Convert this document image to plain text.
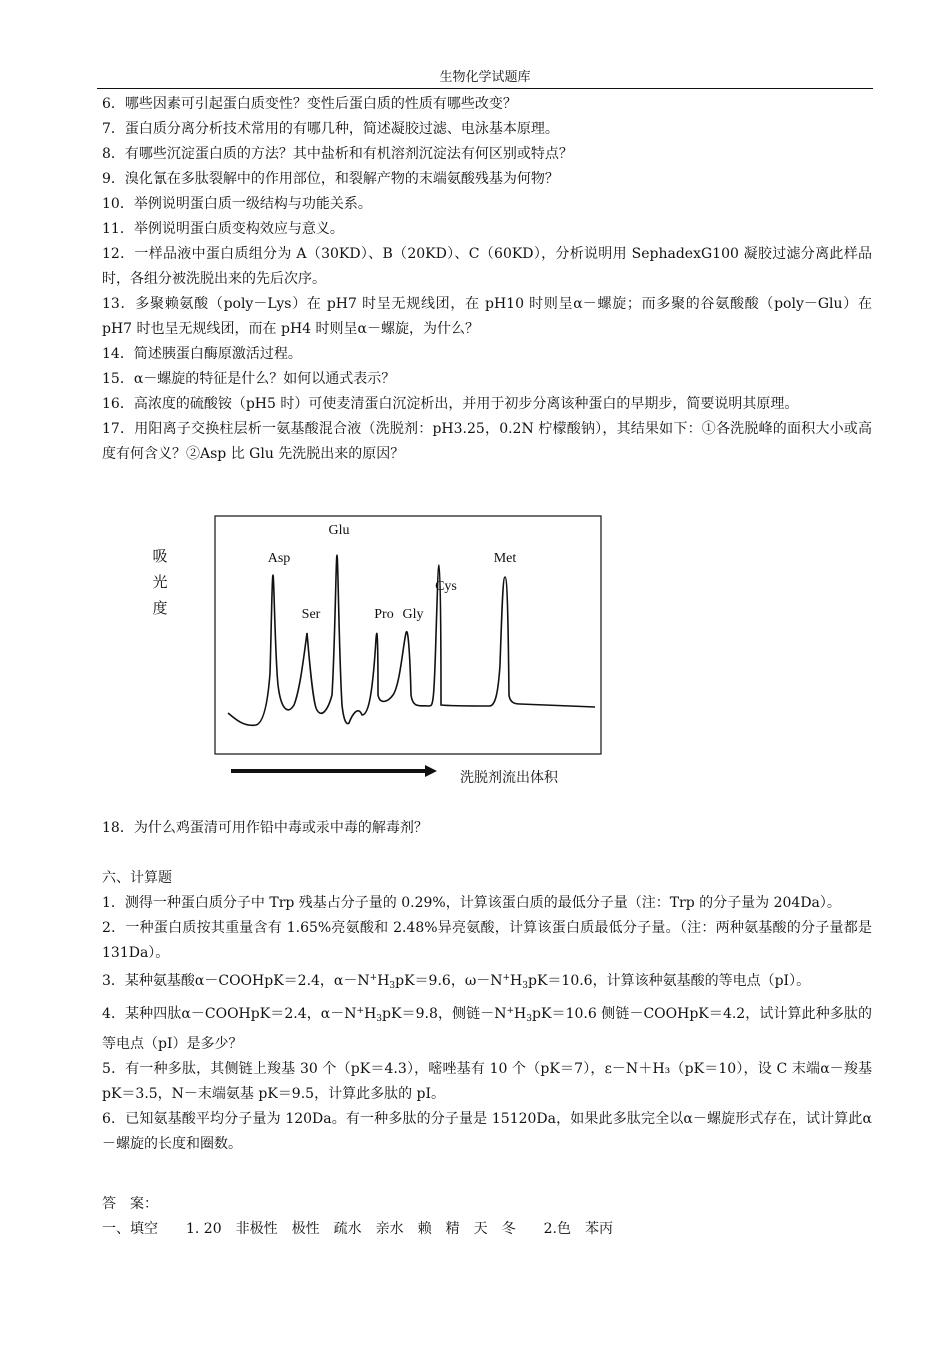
生物化学试题库

6．哪些因素可引起蛋白质变性？变性后蛋白质的性质有哪些改变？

7．蛋白质分离分析技术常用的有哪几种，简述凝胶过滤、电泳基本原理。

8．有哪些沉淀蛋白质的方法？其中盐析和有机溶剂沉淀法有何区别或特点？

9．溴化氰在多肽裂解中的作用部位，和裂解产物的末端氨酸残基为何物？

10．举例说明蛋白质一级结构与功能关系。

11．举例说明蛋白质变构效应与意义。

12．一样品液中蛋白质组分为 A（30KD）、B（20KD）、C（60KD），分析说明用 SephadexG100 凝胶过滤分离此样品时，各组分被洗脱出来的先后次序。

13．多聚赖氨酸（poly－Lys）在 pH7 时呈无规线团，在 pH10 时则呈α－螺旋；而多聚的谷氨酸酸（poly－Glu）在 pH7 时也呈无规线团，而在 pH4 时则呈α－螺旋，为什么？

14．简述胰蛋白酶原激活过程。

15．α－螺旋的特征是什么？如何以通式表示？

16．高浓度的硫酸铵（pH5 时）可使麦清蛋白沉淀析出，并用于初步分离该种蛋白的早期步，简要说明其原理。

17．用阳离子交换柱层析一氨基酸混合液（洗脱剂：pH3.25，0.2N 柠檬酸钠），其结果如下：①各洗脱峰的面积大小或高度有何含义？②Asp 比 Glu 先洗脱出来的原因？

吸
光
度
Asp
Ser
Glu
Pro Gly
Cys
Met
洗脱剂流出体积

18．为什么鸡蛋清可用作铅中毒或汞中毒的解毒剂？

六、计算题

1．测得一种蛋白质分子中 Trp 残基占分子量的 0.29%，计算该蛋白质的最低分子量（注：Trp 的分子量为 204Da）。

2．一种蛋白质按其重量含有 1.65%亮氨酸和 2.48%异亮氨酸，计算该蛋白质最低分子量。（注：两种氨基酸的分子量都是 131Da）。

3．某种氨基酸α－COOHpK＝2.4，$\alpha-N^+H_3pK=9.6$，$\omega-N^+H_3pK=10.6$，计算该种氨基酸的等电点（pI）。

4．某种四肽α－COOHpK＝2.4，$\alpha-N^+H_3pK=9.8$，侧链$-N^+H_3pK=10.6$ 侧链－COOHpK＝4.2，试计算此种多肽的等电点（pI）是多少？

5．有一种多肽，其侧链上羧基 30 个（pK＝4.3），嘧唑基有 10 个（pK＝7），ε－N＋H₃（pK＝10），设 C 末端α－羧基 pK＝3.5，N－末端氨基 pK＝9.5，计算此多肽的 pI。

6．已知氨基酸平均分子量为 120Da。有一种多肽的分子量是 15120Da，如果此多肽完全以α－螺旋形式存在，试计算此α－螺旋的长度和圈数。

答　案：

一、填空　　1. 20　非极性　极性　疏水　亲水　赖　精　天　冬　　2.色　苯丙
